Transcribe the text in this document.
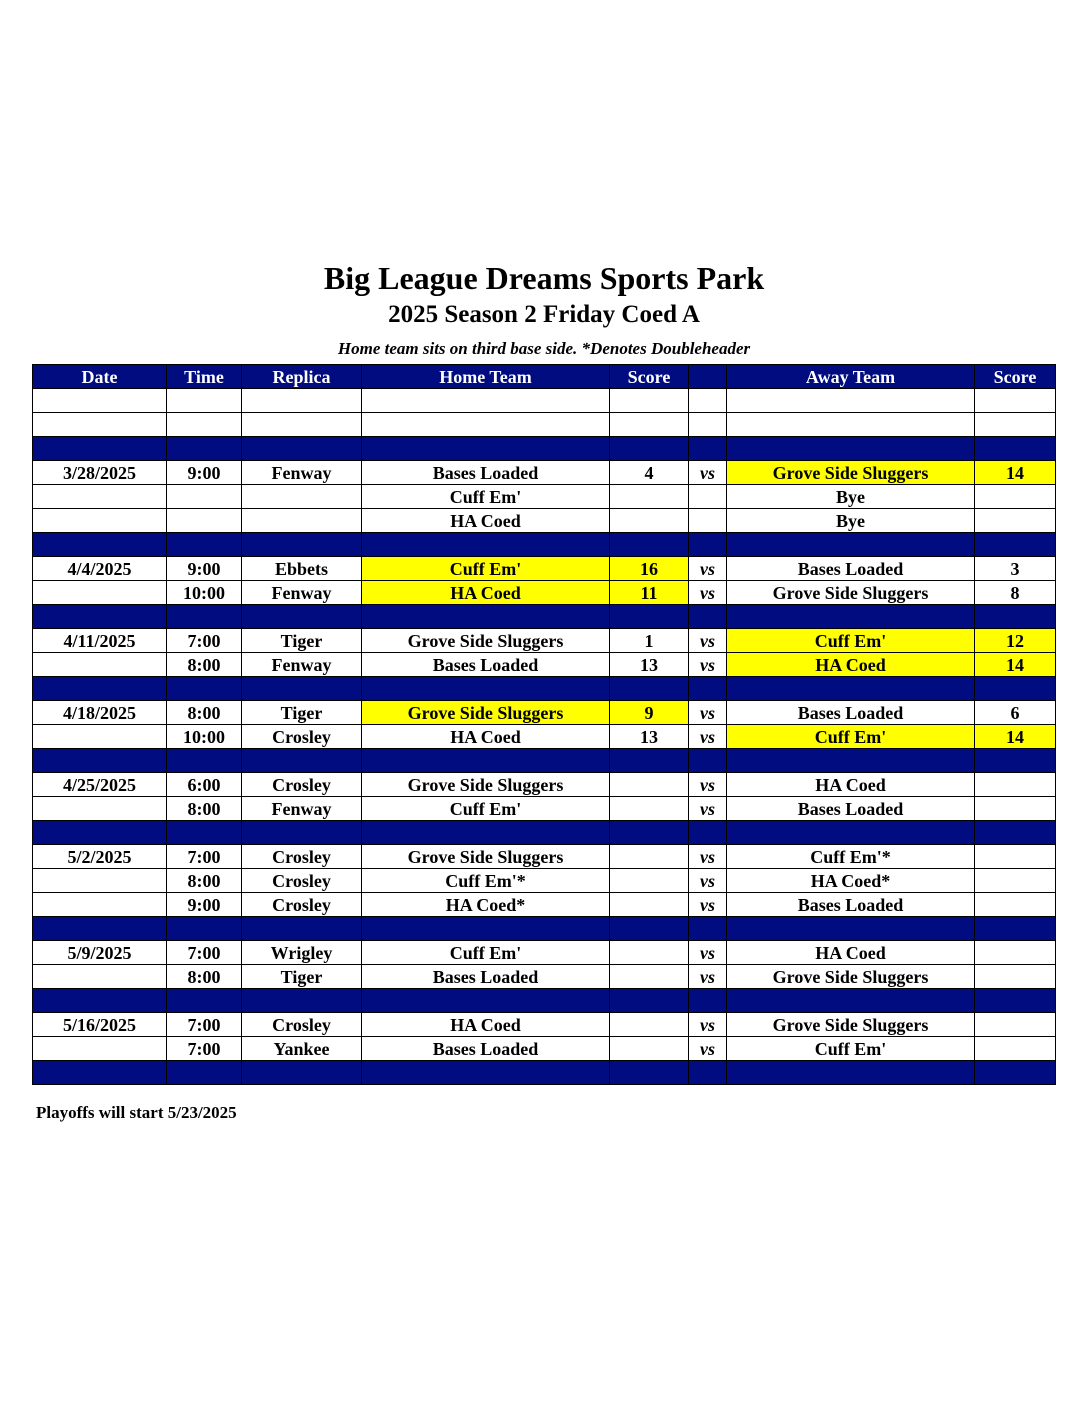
Big League Dreams Sports Park
2025 Season 2 Friday Coed A
Home team sits on third base side. *Denotes Doubleheader
Date	Time	Replica	Home Team	Score		Away Team	Score

3/28/2025	9:00	Fenway	Bases Loaded	4	vs	Grove Side Sluggers	14
			Cuff Em'			Bye	
			HA Coed			Bye	

4/4/2025	9:00	Ebbets	Cuff Em'	16	vs	Bases Loaded	3
	10:00	Fenway	HA Coed	11	vs	Grove Side Sluggers	8

4/11/2025	7:00	Tiger	Grove Side Sluggers	1	vs	Cuff Em'	12
	8:00	Fenway	Bases Loaded	13	vs	HA Coed	14

4/18/2025	8:00	Tiger	Grove Side Sluggers	9	vs	Bases Loaded	6
	10:00	Crosley	HA Coed	13	vs	Cuff Em'	14

4/25/2025	6:00	Crosley	Grove Side Sluggers		vs	HA Coed	
	8:00	Fenway	Cuff Em'		vs	Bases Loaded	

5/2/2025	7:00	Crosley	Grove Side Sluggers		vs	Cuff Em'*	
	8:00	Crosley	Cuff Em'*		vs	HA Coed*	
	9:00	Crosley	HA Coed*		vs	Bases Loaded	

5/9/2025	7:00	Wrigley	Cuff Em'		vs	HA Coed	
	8:00	Tiger	Bases Loaded		vs	Grove Side Sluggers	

5/16/2025	7:00	Crosley	HA Coed		vs	Grove Side Sluggers	
	7:00	Yankee	Bases Loaded		vs	Cuff Em'	

Playoffs will start 5/23/2025
